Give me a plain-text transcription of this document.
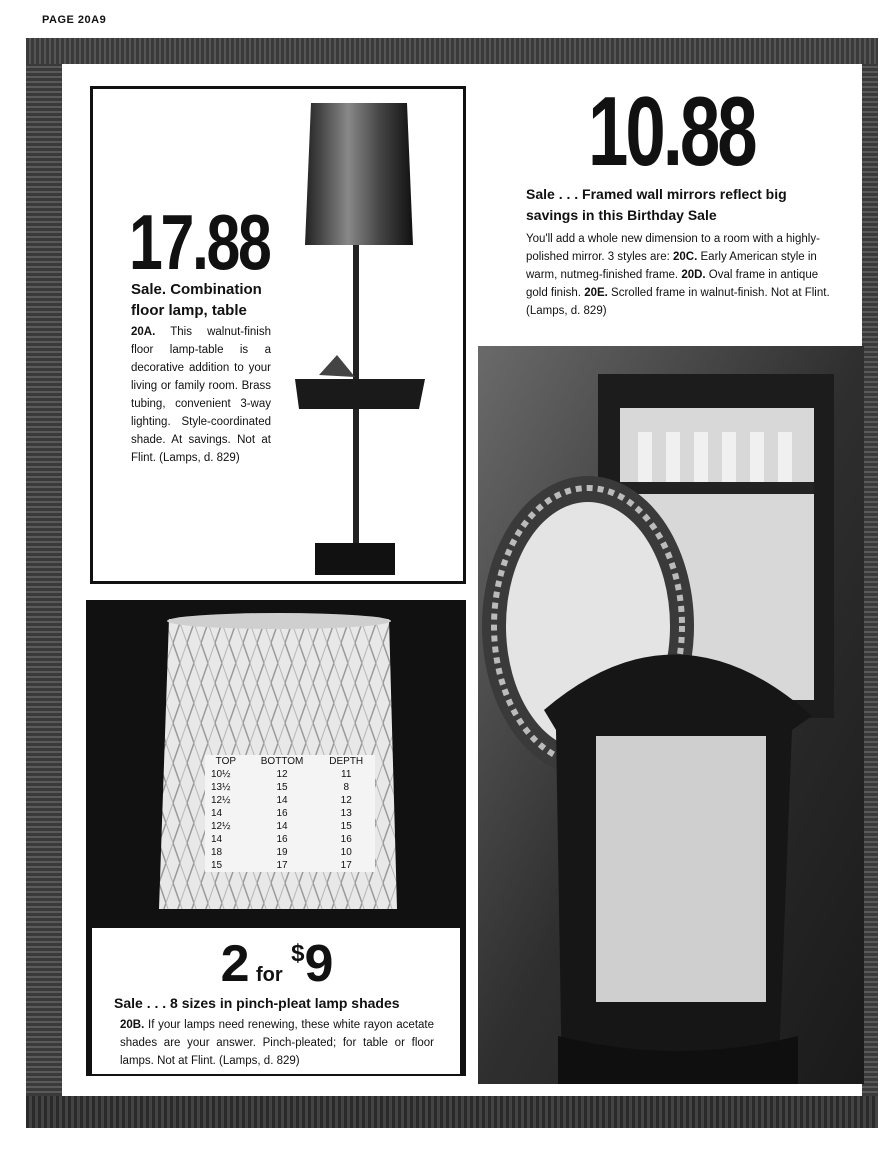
PAGE 20A9
17.88
Sale. Combination floor lamp, table
20A. This walnut-finish floor lamp-table is a decorative addition to your living or family room. Brass tubing, convenient 3-way lighting. Style-coordinated shade. At savings. Not at Flint. (Lamps, d. 829)
10.88
Sale . . . Framed wall mirrors reflect big savings in this Birthday Sale
You'll add a whole new dimension to a room with a highly-polished mirror. 3 styles are: 20C. Early American style in warm, nutmeg-finished frame. 20D. Oval frame in antique gold finish. 20E. Scrolled frame in walnut-finish. Not at Flint. (Lamps, d. 829)
TOP	BOTTOM	DEPTH
10½	12	11
13½	15	8
12½	14	12
14	16	13
12½	14	15
14	16	16
18	19	10
15	17	17
2 for $9
Sale . . . 8 sizes in pinch-pleat lamp shades
20B. If your lamps need renewing, these white rayon acetate shades are your answer. Pinch-pleated; for table or floor lamps. Not at Flint. (Lamps, d. 829)
